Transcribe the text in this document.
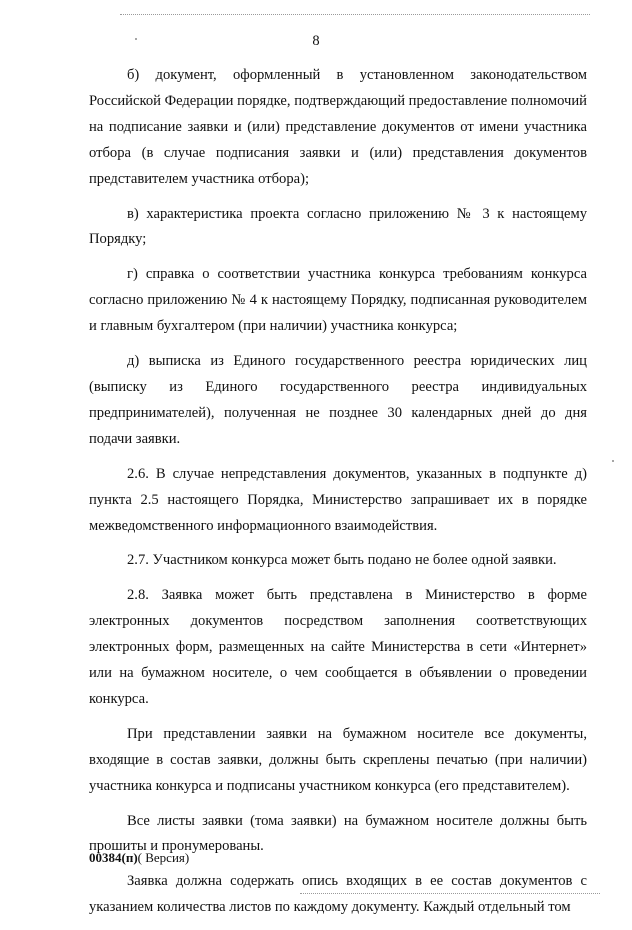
8

б) документ, оформленный в установленном законодательством Российской Федерации порядке, подтверждающий предоставление полномочий на подписание заявки и (или) представление документов от имени участника отбора (в случае подписания заявки и (или) представления документов представителем участника отбора);

в) характеристика проекта согласно приложению № 3 к настоящему Порядку;

г) справка о соответствии участника конкурса требованиям конкурса согласно приложению № 4 к настоящему Порядку, подписанная руководителем и главным бухгалтером (при наличии) участника конкурса;

д) выписка из Единого государственного реестра юридических лиц (выписку из Единого государственного реестра индивидуальных предпринимателей), полученная не позднее 30 календарных дней до дня подачи заявки.

2.6. В случае непредставления документов, указанных в подпункте д) пункта 2.5 настоящего Порядка, Министерство запрашивает их в порядке межведомственного информационного взаимодействия.

2.7. Участником конкурса может быть подано не более одной заявки.

2.8. Заявка может быть представлена в Министерство в форме электронных документов посредством заполнения соответствующих электронных форм, размещенных на сайте Министерства в сети «Интернет» или на бумажном носителе, о чем сообщается в объявлении о проведении конкурса.

При представлении заявки на бумажном носителе все документы, входящие в состав заявки, должны быть скреплены печатью (при наличии) участника конкурса и подписаны участником конкурса (его представителем).

Все листы заявки (тома заявки) на бумажном носителе должны быть прошиты и пронумерованы.

Заявка должна содержать опись входящих в ее состав документов с указанием количества листов по каждому документу. Каждый отдельный том

00384(п)( Версия)
